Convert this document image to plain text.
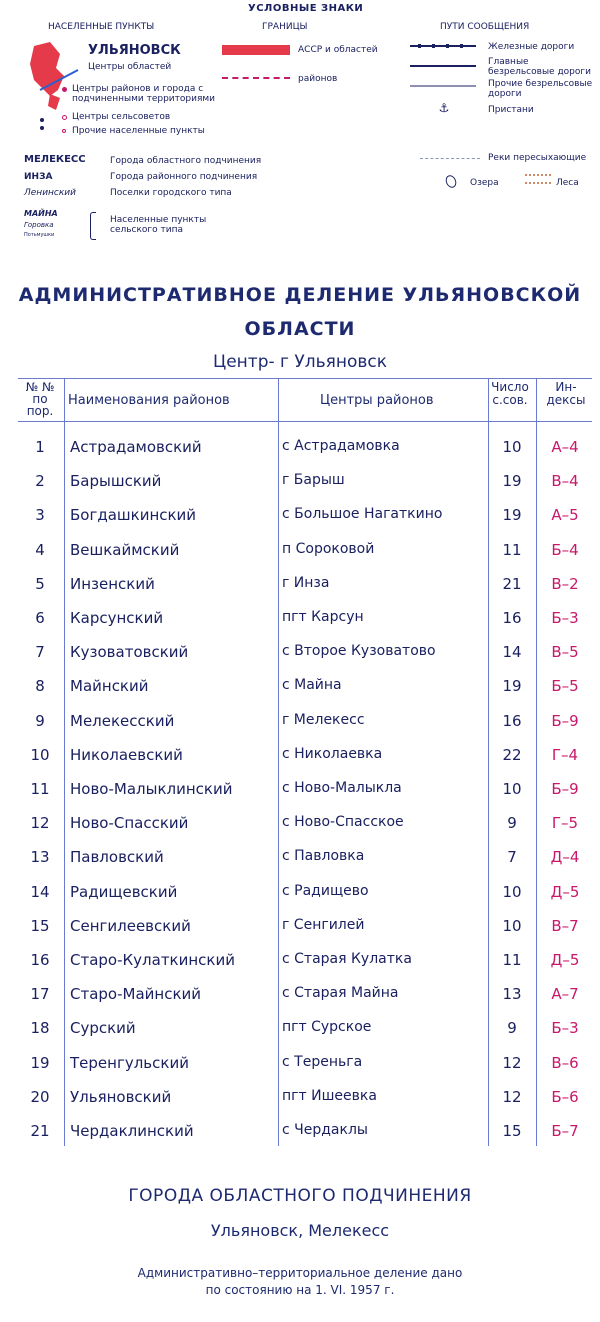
УСЛОВНЫЕ ЗНАКИ
НАСЕЛЕННЫЕ ПУНКТЫ	ГРАНИЦЫ	ПУТИ СООБЩЕНИЯ
УЛЬЯНОВСК
Центры областей
Центры районов и города с подчиненными территориями
Центры сельсоветов
Прочие населенные пункты
АССР и областей
районов
⚓
Железные дороги
Главные безрельсовые дороги
Прочие безрельсовые дороги
Пристани
Реки пересыхающие
Озера	Леса
МЕЛЕКЕСС	Города областного подчинения
ИНЗА	Города районного подчинения
Ленинский	Поселки городского типа
МАЙНА
Гоpовка
Потьмушки
Населенные пункты сельского типа
АДМИНИСТРАТИВНОЕ ДЕЛЕНИЕ УЛЬЯНОВСКОЙ
ОБЛАСТИ
Центр- г Ульяновск
№ № по пор.
Наименования районов	Центры районов
Число с.сов.
Ин- дексы
1	Астрадамовский	с Астрадамовка	10	А–4
2	Барышский	г Барыш	19	В–4
3	Богдашкинский	с Большое Нагаткино	19	А–5
4	Вешкаймский	п Сороковой	11	Б–4
5	Инзенский	г Инза	21	В–2
6	Карсунский	пгт Карсун	16	Б–3
7	Кузоватовский	с Второе Кузоватово	14	В–5
8	Майнский	с Майна	19	Б–5
9	Мелекесский	г Мелекесс	16	Б–9
10	Николаевский	с Николаевка	22	Г–4
11	Ново-Малыклинский	с Ново-Малыкла	10	Б–9
12	Ново-Спасский	с Ново-Спасское	9	Г–5
13	Павловский	с Павловка	7	Д–4
14	Радищевский	с Радищево	10	Д–5
15	Сенгилеевский	г Сенгилей	10	В–7
16	Старо-Кулаткинский	с Старая Кулатка	11	Д–5
17	Старо-Майнский	с Старая Майна	13	А–7
18	Сурский	пгт Сурское	9	Б–3
19	Теренгульский	с Тереньга	12	В–6
20	Ульяновский	пгт Ишеевка	12	Б–6
21	Чердаклинский	с Чердаклы	15	Б–7
ГОРОДА ОБЛАСТНОГО ПОДЧИНЕНИЯ
Ульяновск, Мелекесс
Административно–территориальное деление дано
по состоянию на 1. VI. 1957 г.
